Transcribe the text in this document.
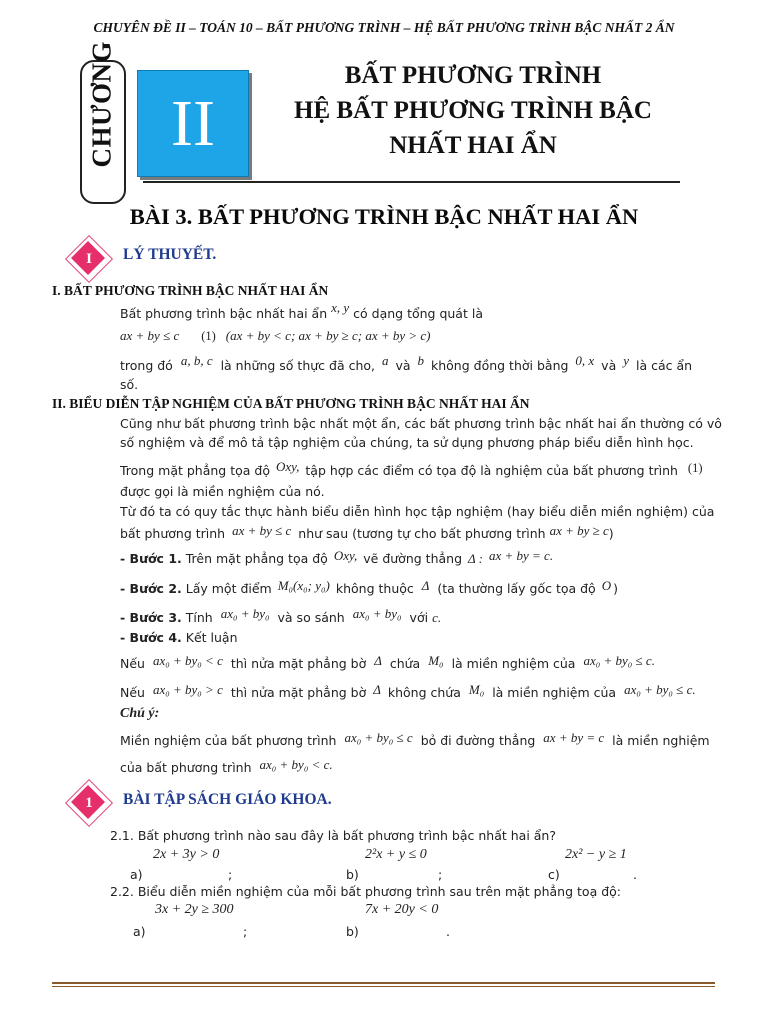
CHUYÊN ĐỀ II – TOÁN 10 – BẤT PHƯƠNG TRÌNH – HỆ BẤT PHƯƠNG TRÌNH BẬC NHẤT 2 ẨN
CHƯƠNG II
BẤT PHƯƠNG TRÌNH
HỆ BẤT PHƯƠNG TRÌNH BẬC
NHẤT HAI ẨN
BÀI 3. BẤT PHƯƠNG TRÌNH BẬC NHẤT HAI ẨN
I	LÝ THUYẾT.
I. BẤT PHƯƠNG TRÌNH BẬC NHẤT HAI ẨN
Bất phương trình bậc nhất hai ẩn x, y có dạng tổng quát là
ax + by ≤ c (1) (ax + by < c; ax + by ≥ c; ax + by > c)
trong đó a, b, c là những số thực đã cho, a và b không đồng thời bằng 0, x và y là các ẩn
số.
II. BIỂU DIỄN TẬP NGHIỆM CỦA BẤT PHƯƠNG TRÌNH BẬC NHẤT HAI ẨN
Cũng như bất phương trình bậc nhất một ẩn, các bất phương trình bậc nhất hai ẩn thường có vô
số nghiệm và để mô tả tập nghiệm của chúng, ta sử dụng phương pháp biểu diễn hình học.
Trong mặt phẳng tọa độ Oxy, tập hợp các điểm có tọa độ là nghiệm của bất phương trình (1)
được gọi là miền nghiệm của nó.
Từ đó ta có quy tắc thực hành biểu diễn hình học tập nghiệm (hay biểu diễn miền nghiệm) của
bất phương trình ax + by ≤ c như sau (tương tự cho bất phương trình ax + by ≥ c)
- Bước 1. Trên mặt phẳng tọa độ Oxy, vẽ đường thẳng Δ : ax + by = c.
- Bước 2. Lấy một điểm M₀(x₀; y₀) không thuộc Δ (ta thường lấy gốc tọa độ O )
- Bước 3. Tính ax₀ + by₀ và so sánh ax₀ + by₀ với c.
- Bước 4. Kết luận
Nếu ax₀ + by₀ < c thì nửa mặt phẳng bờ Δ chứa M₀ là miền nghiệm của ax₀ + by₀ ≤ c.
Nếu ax₀ + by₀ > c thì nửa mặt phẳng bờ Δ không chứa M₀ là miền nghiệm của ax₀ + by₀ ≤ c.
Chú ý:
Miền nghiệm của bất phương trình ax₀ + by₀ ≤ c bỏ đi đường thẳng ax + by = c là miền nghiệm
của bất phương trình ax₀ + by₀ < c.
1	BÀI TẬP SÁCH GIÁO KHOA.
2.1. Bất phương trình nào sau đây là bất phương trình bậc nhất hai ẩn?
2x + 3y > 0	2²x + y ≤ 0	2x² − y ≥ 1
a)	;	b)	;	c)	.
2.2. Biểu diễn miền nghiệm của mỗi bất phương trình sau trên mặt phẳng toạ độ:
3x + 2y ≥ 300	7x + 20y < 0
a)	;	b)	.
